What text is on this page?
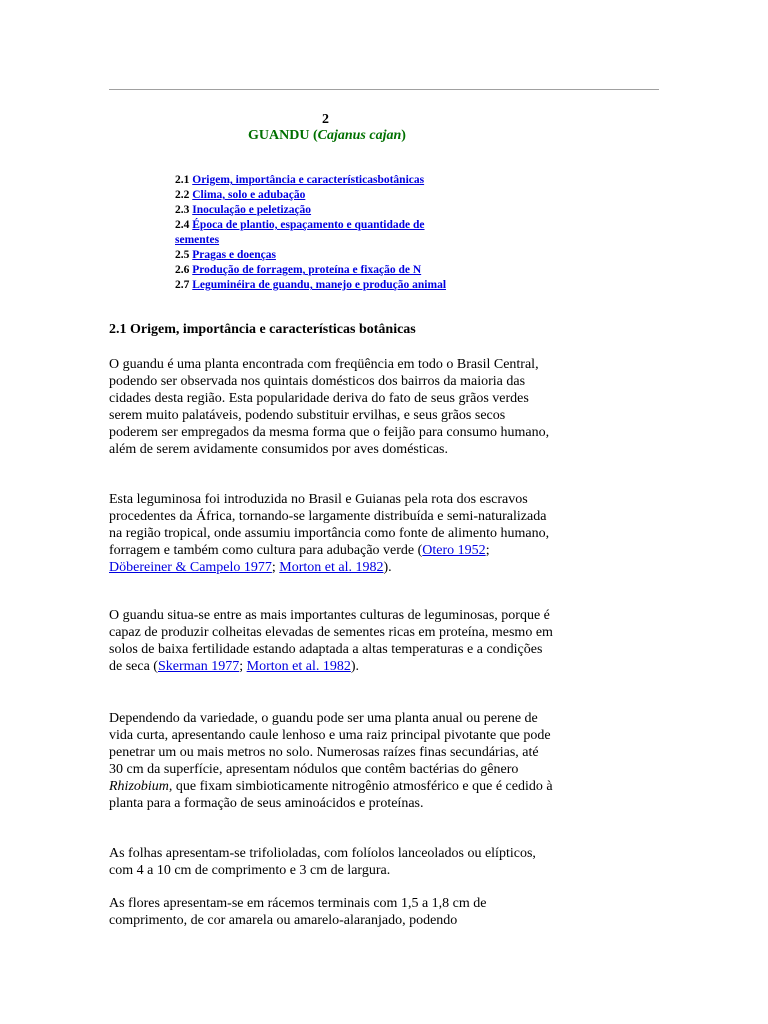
2
GUANDU (Cajanus cajan)
2.1 Origem, importância e característicasbotânicas
2.2 Clima, solo e adubação
2.3 Inoculação e peletização
2.4 Época de plantio, espaçamento e quantidade de
sementes
2.5 Pragas e doenças
2.6 Produção de forragem, proteína e fixação de N
2.7 Leguminéira de guandu, manejo e produção animal
2.1 Origem, importância e características botânicas
O guandu é uma planta encontrada com freqüência em todo o Brasil Central, podendo ser observada nos quintais domésticos dos bairros da maioria das cidades desta região. Esta popularidade deriva do fato de seus grãos verdes serem muito palatáveis, podendo substituir ervilhas, e seus grãos secos poderem ser empregados da mesma forma que o feijão para consumo humano, além de serem avidamente consumidos por aves domésticas.
Esta leguminosa foi introduzida no Brasil e Guianas pela rota dos escravos procedentes da África, tornando-se largamente distribuída e semi-naturalizada na região tropical, onde assumiu importância como fonte de alimento humano, forragem e também como cultura para adubação verde (Otero 1952; Döbereiner & Campelo 1977; Morton et al. 1982).
O guandu situa-se entre as mais importantes culturas de leguminosas, porque é capaz de produzir colheitas elevadas de sementes ricas em proteína, mesmo em solos de baixa fertilidade estando adaptada a altas temperaturas e a condições de seca (Skerman 1977; Morton et al. 1982).
Dependendo da variedade, o guandu pode ser uma planta anual ou perene de vida curta, apresentando caule lenhoso e uma raiz principal pivotante que pode penetrar um ou mais metros no solo. Numerosas raízes finas secundárias, até 30 cm da superfície, apresentam nódulos que contêm bactérias do gênero Rhizobium, que fixam simbioticamente nitrogênio atmosférico e que é cedido à planta para a formação de seus aminoácidos e proteínas.
As folhas apresentam-se trifolioladas, com folíolos lanceolados ou elípticos, com 4 a 10 cm de comprimento e 3 cm de largura.
As flores apresentam-se em rácemos terminais com 1,5 a 1,8 cm de comprimento, de cor amarela ou amarelo-alaranjado, podendo
